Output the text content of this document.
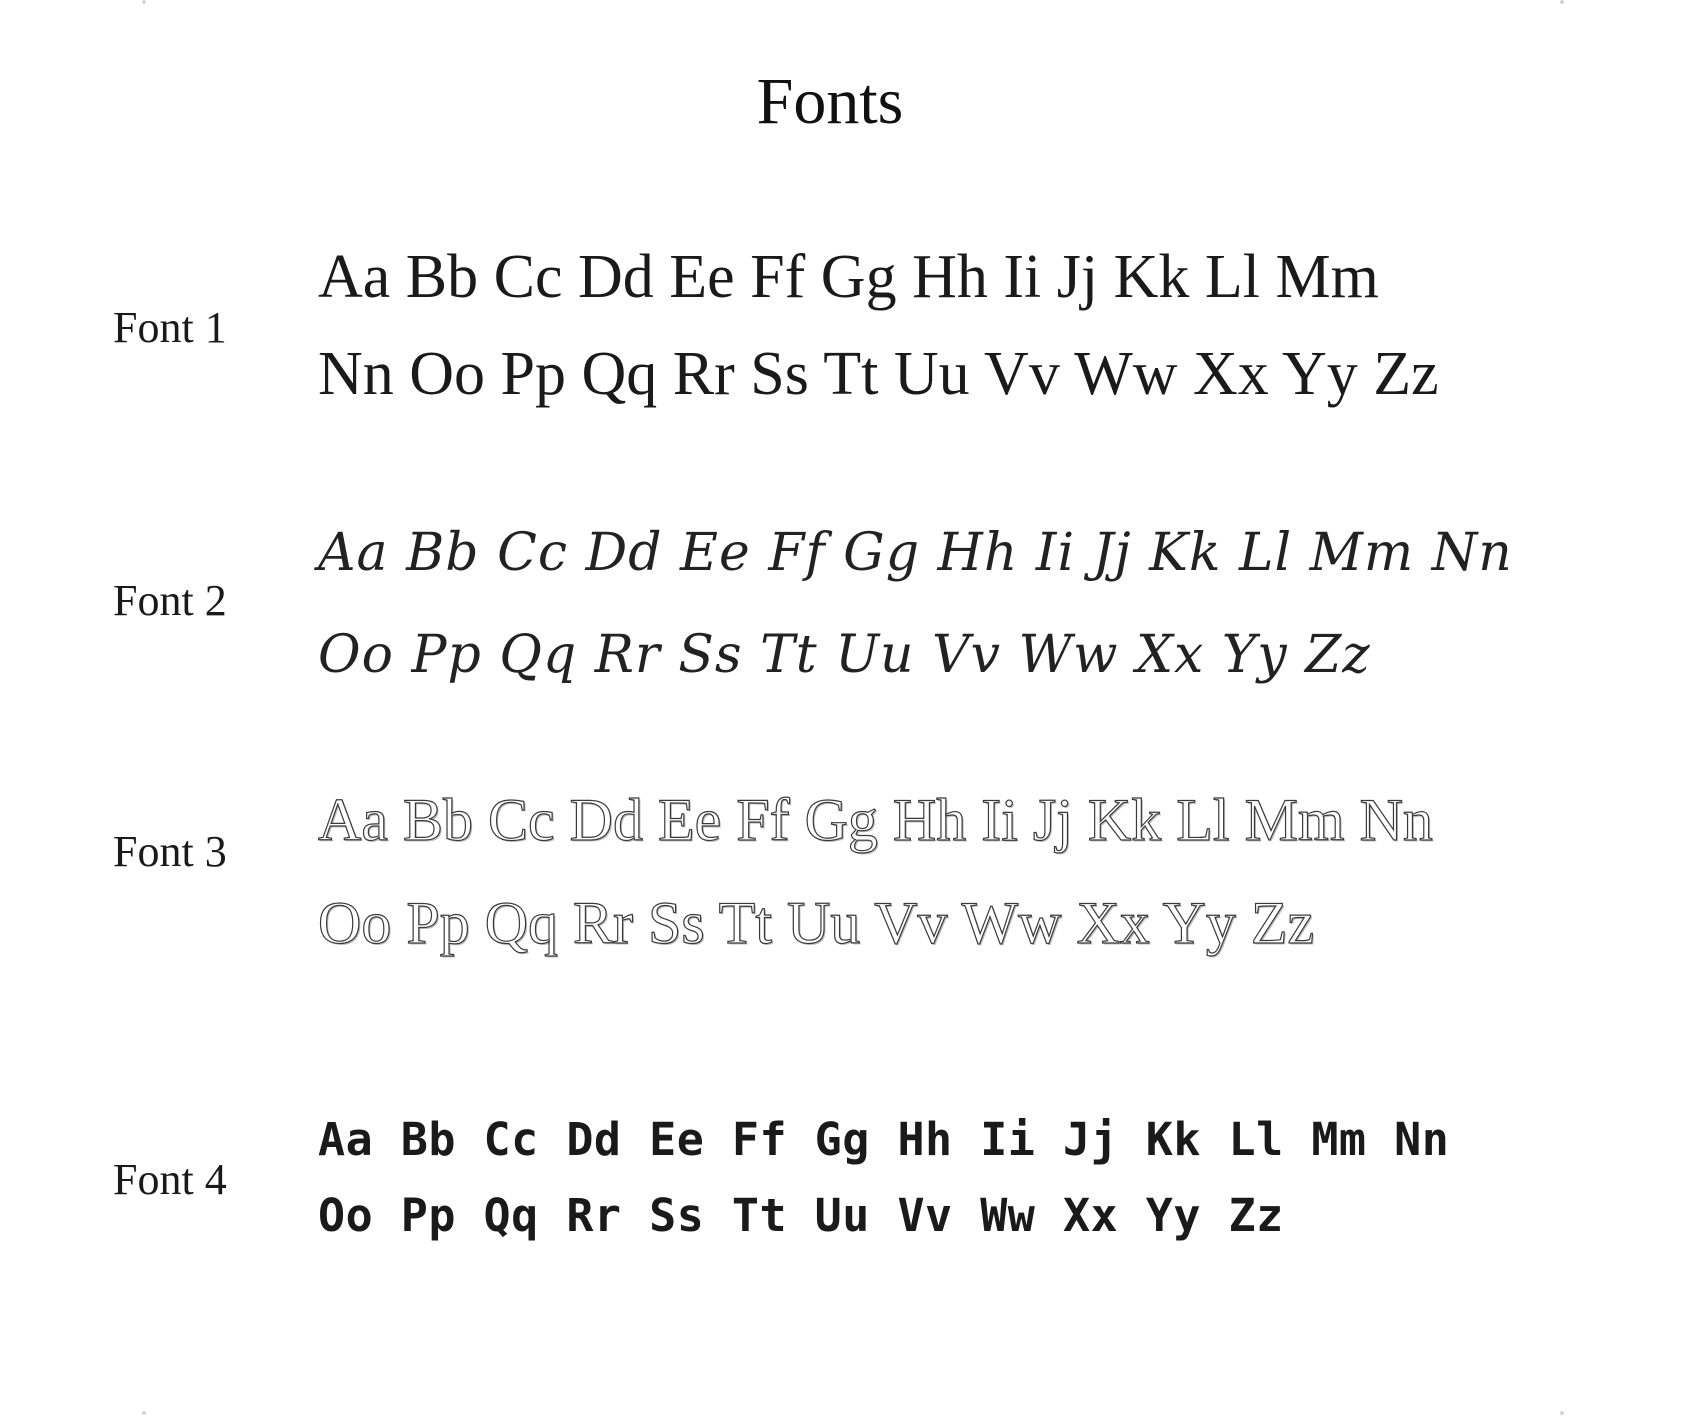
Fonts
Font 1
Aa Bb Cc Dd Ee Ff Gg Hh Ii Jj Kk Ll Mm
Nn Oo Pp Qq Rr Ss Tt Uu Vv Ww Xx Yy Zz
Font 2
Aa Bb Cc Dd Ee Ff Gg Hh Ii Jj Kk Ll Mm Nn
Oo Pp Qq Rr Ss Tt Uu Vv Ww Xx Yy Zz
Font 3 Aa Bb Cc Dd Ee Ff Gg Hh Ii Jj Kk Ll Mm Nn
Oo Pp Qq Rr Ss Tt Uu Vv Ww Xx Yy Zz
Font 4
Aa Bb Cc Dd Ee Ff Gg Hh Ii Jj Kk Ll Mm Nn
Oo Pp Qq Rr Ss Tt Uu Vv Ww Xx Yy Zz
